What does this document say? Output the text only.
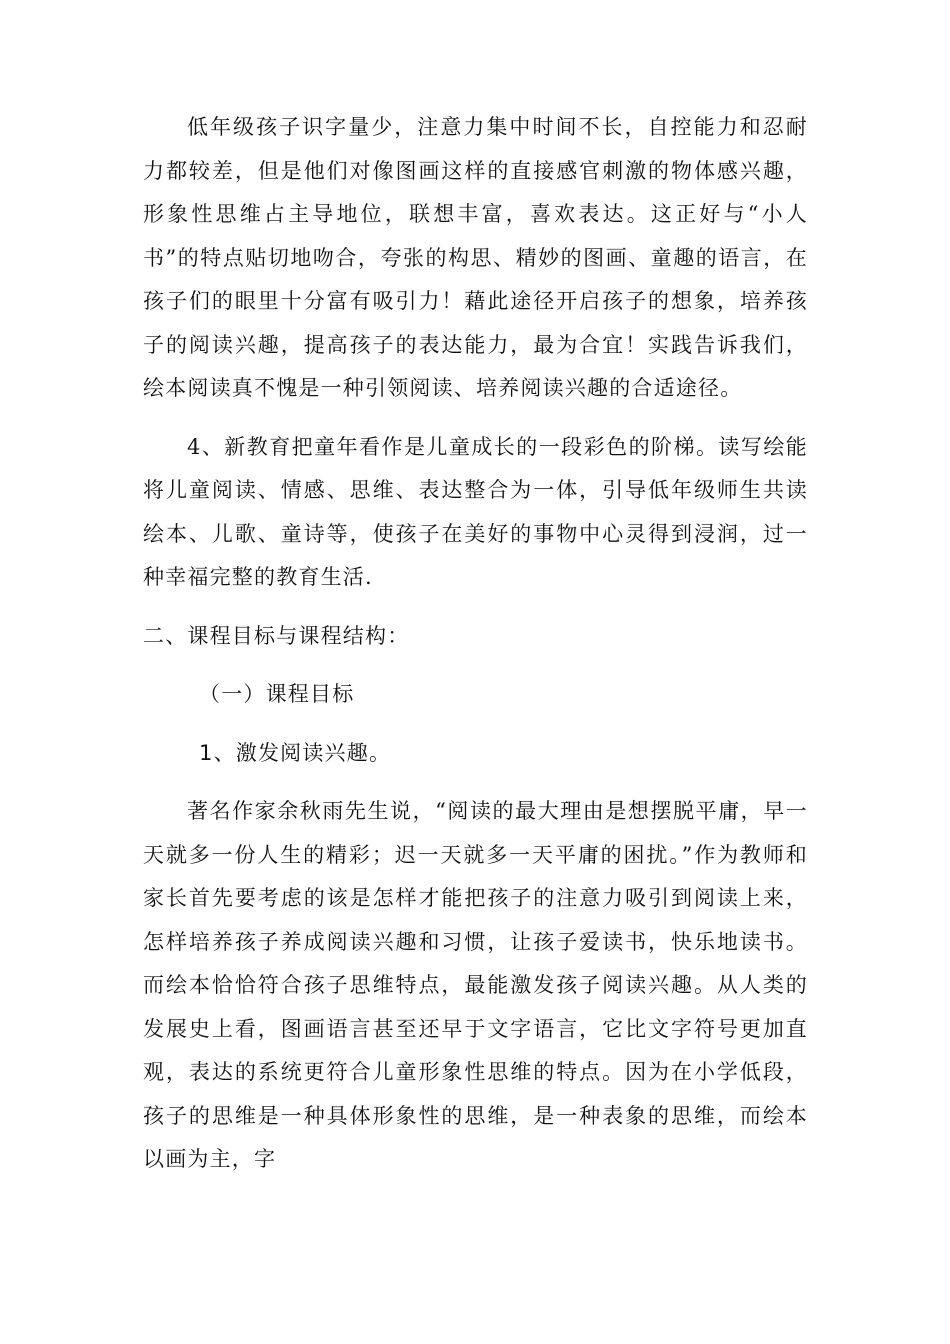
低年级孩子识字量少，注意力集中时间不长，自控能力和忍耐力都较差，但是他们对像图画这样的直接感官刺激的物体感兴趣，形象性思维占主导地位，联想丰富，喜欢表达。这正好与“小人书”的特点贴切地吻合，夸张的构思、精妙的图画、童趣的语言，在孩子们的眼里十分富有吸引力！藉此途径开启孩子的想象，培养孩子的阅读兴趣，提高孩子的表达能力，最为合宜！实践告诉我们，绘本阅读真不愧是一种引领阅读、培养阅读兴趣的合适途径。

4、新教育把童年看作是儿童成长的一段彩色的阶梯。读写绘能将儿童阅读、情感、思维、表达整合为一体，引导低年级师生共读绘本、儿歌、童诗等，使孩子在美好的事物中心灵得到浸润，过一种幸福完整的教育生活.

二、课程目标与课程结构：

（一）课程目标

1、激发阅读兴趣。

著名作家余秋雨先生说，“阅读的最大理由是想摆脱平庸，早一天就多一份人生的精彩；迟一天就多一天平庸的困扰。”作为教师和家长首先要考虑的该是怎样才能把孩子的注意力吸引到阅读上来，怎样培养孩子养成阅读兴趣和习惯，让孩子爱读书，快乐地读书。而绘本恰恰符合孩子思维特点，最能激发孩子阅读兴趣。从人类的发展史上看，图画语言甚至还早于文字语言，它比文字符号更加直观，表达的系统更符合儿童形象性思维的特点。因为在小学低段，孩子的思维是一种具体形象性的思维，是一种表象的思维，而绘本以画为主，字
